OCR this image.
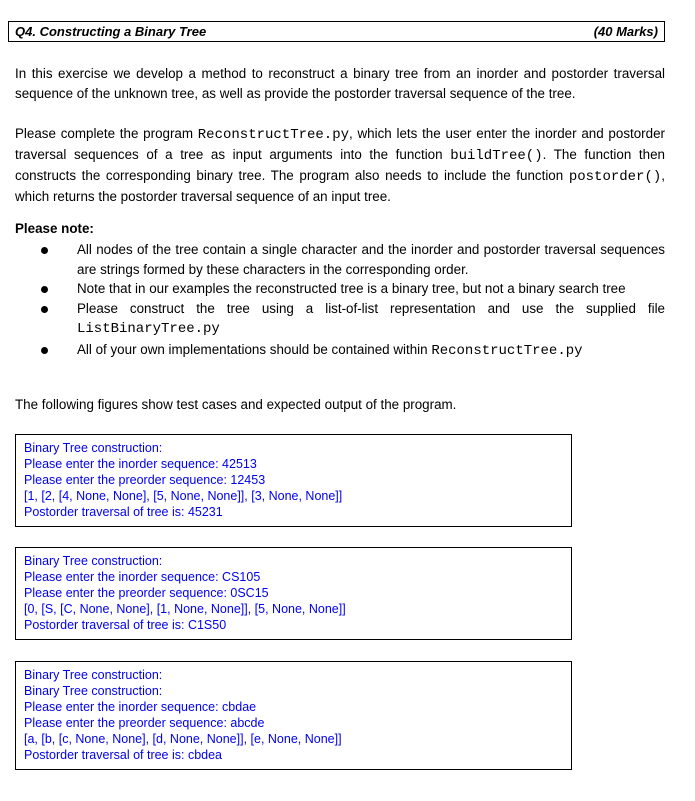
Q4. Constructing a Binary Tree	(40 Marks)

In this exercise we develop a method to reconstruct a binary tree from an inorder and postorder traversal sequence of the unknown tree, as well as provide the postorder traversal sequence of the tree.

Please complete the program ReconstructTree.py, which lets the user enter the inorder and postorder traversal sequences of a tree as input arguments into the function buildTree(). The function then constructs the corresponding binary tree. The program also needs to include the function postorder(), which returns the postorder traversal sequence of an input tree.

Please note:
All nodes of the tree contain a single character and the inorder and postorder traversal sequences are strings formed by these characters in the corresponding order.
Note that in our examples the reconstructed tree is a binary tree, but not a binary search tree
Please construct the tree using a list-of-list representation and use the supplied file ListBinaryTree.py
All of your own implementations should be contained within ReconstructTree.py

The following figures show test cases and expected output of the program.

Binary Tree construction:
Please enter the inorder sequence: 42513
Please enter the preorder sequence: 12453
[1, [2, [4, None, None], [5, None, None]], [3, None, None]]
Postorder traversal of tree is: 45231
Binary Tree construction:
Please enter the inorder sequence: CS105
Please enter the preorder sequence: 0SC15
[0, [S, [C, None, None], [1, None, None]], [5, None, None]]
Postorder traversal of tree is: C1S50
Binary Tree construction:
Binary Tree construction:
Please enter the inorder sequence: cbdae
Please enter the preorder sequence: abcde
[a, [b, [c, None, None], [d, None, None]], [e, None, None]]
Postorder traversal of tree is: cbdea
